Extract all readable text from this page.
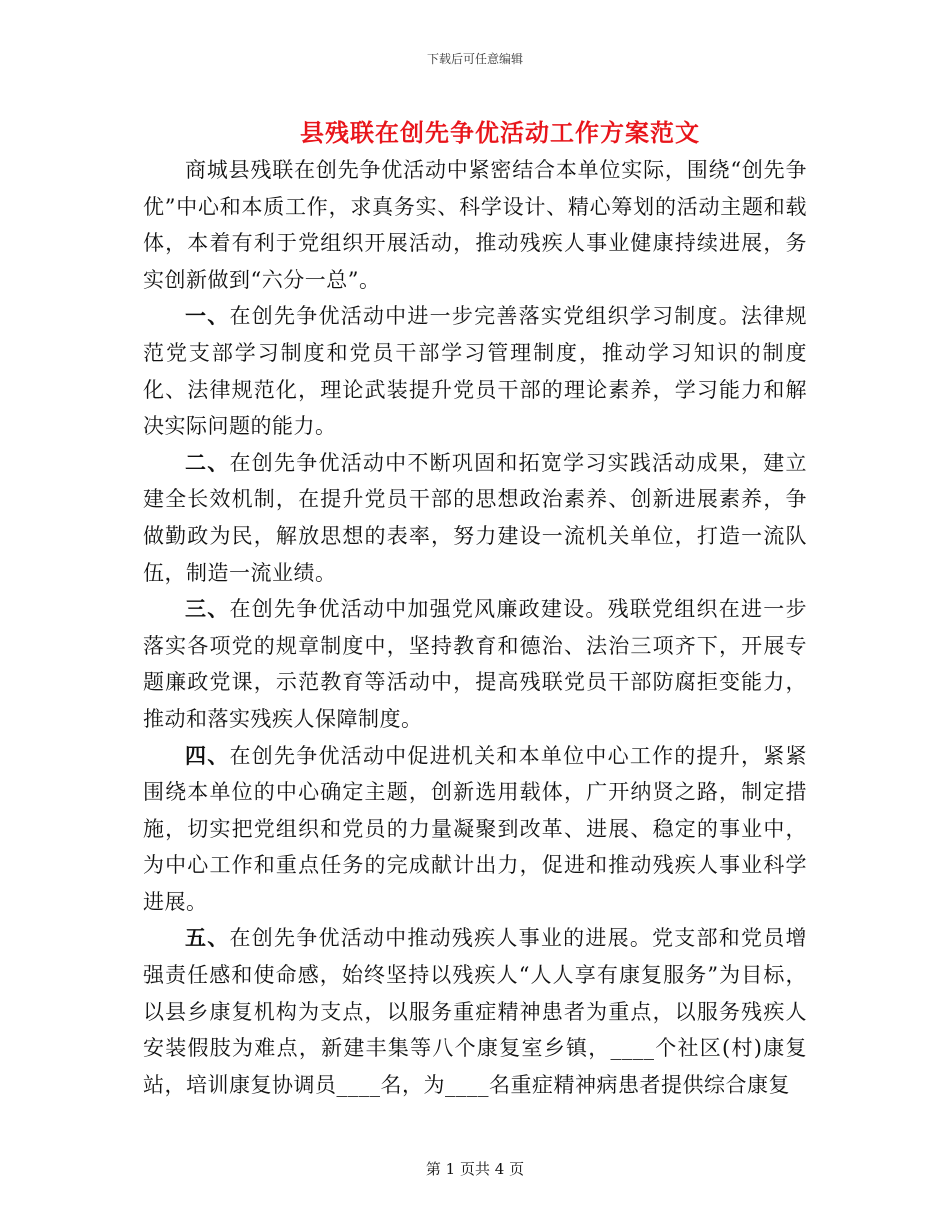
下载后可任意编辑
县残联在创先争优活动工作方案范文

商城县残联在创先争优活动中紧密结合本单位实际，围绕“创先争优”中心和本质工作，求真务实、科学设计、精心筹划的活动主题和载体，本着有利于党组织开展活动，推动残疾人事业健康持续进展，务实创新做到“六分一总”。

一、在创先争优活动中进一步完善落实党组织学习制度。法律规范党支部学习制度和党员干部学习管理制度，推动学习知识的制度化、法律规范化，理论武装提升党员干部的理论素养，学习能力和解决实际问题的能力。

二、在创先争优活动中不断巩固和拓宽学习实践活动成果，建立建全长效机制，在提升党员干部的思想政治素养、创新进展素养，争做勤政为民，解放思想的表率，努力建设一流机关单位，打造一流队伍，制造一流业绩。

三、在创先争优活动中加强党风廉政建设。残联党组织在进一步落实各项党的规章制度中，坚持教育和德治、法治三项齐下，开展专题廉政党课，示范教育等活动中，提高残联党员干部防腐拒变能力，推动和落实残疾人保障制度。

四、在创先争优活动中促进机关和本单位中心工作的提升，紧紧围绕本单位的中心确定主题，创新选用载体，广开纳贤之路，制定措施，切实把党组织和党员的力量凝聚到改革、进展、稳定的事业中，为中心工作和重点任务的完成献计出力，促进和推动残疾人事业科学进展。

五、在创先争优活动中推动残疾人事业的进展。党支部和党员增强责任感和使命感，始终坚持以残疾人“人人享有康复服务”为目标，以县乡康复机构为支点，以服务重症精神患者为重点，以服务残疾人安装假肢为难点，新建丰集等八个康复室乡镇，____个社区(村)康复站，培训康复协调员____名，为____名重症精神病患者提供综合康复

第 1 页共 4 页
